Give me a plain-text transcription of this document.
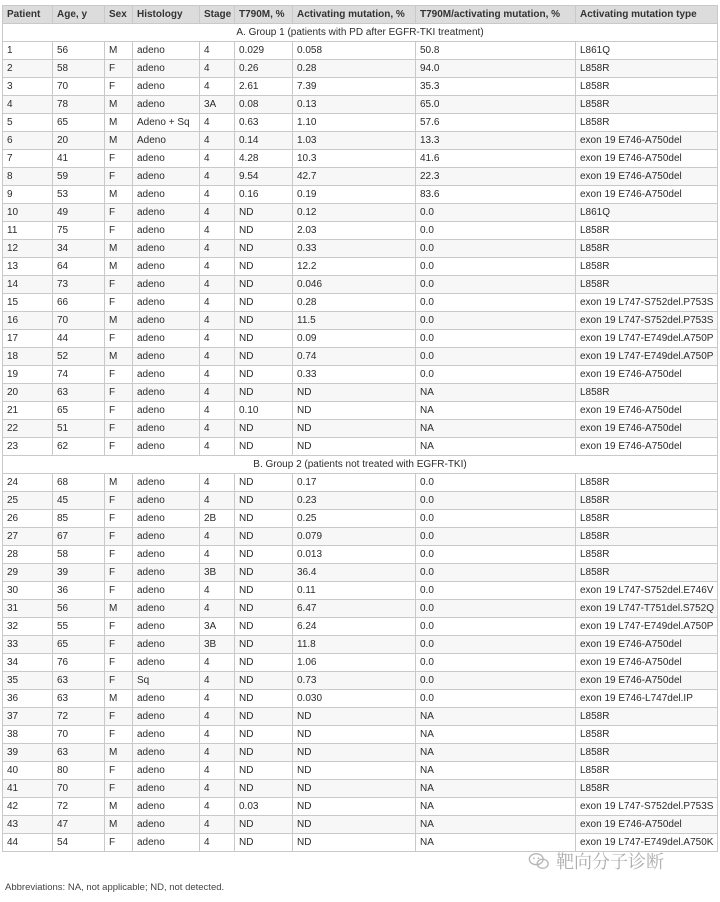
Patient	Age, y	Sex	Histology	Stage	T790M, %	Activating mutation, %	T790M/activating mutation, %	Activating mutation type
A. Group 1 (patients with PD after EGFR-TKI treatment)								
1	56	M	adeno	4	0.029	0.058	50.8	L861Q
2	58	F	adeno	4	0.26	0.28	94.0	L858R
3	70	F	adeno	4	2.61	7.39	35.3	L858R
4	78	M	adeno	3A	0.08	0.13	65.0	L858R
5	65	M	Adeno + Sq	4	0.63	1.10	57.6	L858R
6	20	M	Adeno	4	0.14	1.03	13.3	exon 19 E746-A750del
7	41	F	adeno	4	4.28	10.3	41.6	exon 19 E746-A750del
8	59	F	adeno	4	9.54	42.7	22.3	exon 19 E746-A750del
9	53	M	adeno	4	0.16	0.19	83.6	exon 19 E746-A750del
10	49	F	adeno	4	ND	0.12	0.0	L861Q
11	75	F	adeno	4	ND	2.03	0.0	L858R
12	34	M	adeno	4	ND	0.33	0.0	L858R
13	64	M	adeno	4	ND	12.2	0.0	L858R
14	73	F	adeno	4	ND	0.046	0.0	L858R
15	66	F	adeno	4	ND	0.28	0.0	exon 19 L747-S752del.P753S
16	70	M	adeno	4	ND	11.5	0.0	exon 19 L747-S752del.P753S
17	44	F	adeno	4	ND	0.09	0.0	exon 19 L747-E749del.A750P
18	52	M	adeno	4	ND	0.74	0.0	exon 19 L747-E749del.A750P
19	74	F	adeno	4	ND	0.33	0.0	exon 19 E746-A750del
20	63	F	adeno	4	ND	ND	NA	L858R
21	65	F	adeno	4	0.10	ND	NA	exon 19 E746-A750del
22	51	F	adeno	4	ND	ND	NA	exon 19 E746-A750del
23	62	F	adeno	4	ND	ND	NA	exon 19 E746-A750del
B. Group 2 (patients not treated with EGFR-TKI)								
24	68	M	adeno	4	ND	0.17	0.0	L858R
25	45	F	adeno	4	ND	0.23	0.0	L858R
26	85	F	adeno	2B	ND	0.25	0.0	L858R
27	67	F	adeno	4	ND	0.079	0.0	L858R
28	58	F	adeno	4	ND	0.013	0.0	L858R
29	39	F	adeno	3B	ND	36.4	0.0	L858R
30	36	F	adeno	4	ND	0.11	0.0	exon 19 L747-S752del.E746V
31	56	M	adeno	4	ND	6.47	0.0	exon 19 L747-T751del.S752Q
32	55	F	adeno	3A	ND	6.24	0.0	exon 19 L747-E749del.A750P
33	65	F	adeno	3B	ND	11.8	0.0	exon 19 E746-A750del
34	76	F	adeno	4	ND	1.06	0.0	exon 19 E746-A750del
35	63	F	Sq	4	ND	0.73	0.0	exon 19 E746-A750del
36	63	M	adeno	4	ND	0.030	0.0	exon 19 E746-L747del.IP
37	72	F	adeno	4	ND	ND	NA	L858R
38	70	F	adeno	4	ND	ND	NA	L858R
39	63	M	adeno	4	ND	ND	NA	L858R
40	80	F	adeno	4	ND	ND	NA	L858R
41	70	F	adeno	4	ND	ND	NA	L858R
42	72	M	adeno	4	0.03	ND	NA	exon 19 L747-S752del.P753S
43	47	M	adeno	4	ND	ND	NA	exon 19 E746-A750del
44	54	F	adeno	4	ND	ND	NA	exon 19 L747-E749del.A750K
Abbreviations: NA, not applicable; ND, not detected.
靶向分子诊断
